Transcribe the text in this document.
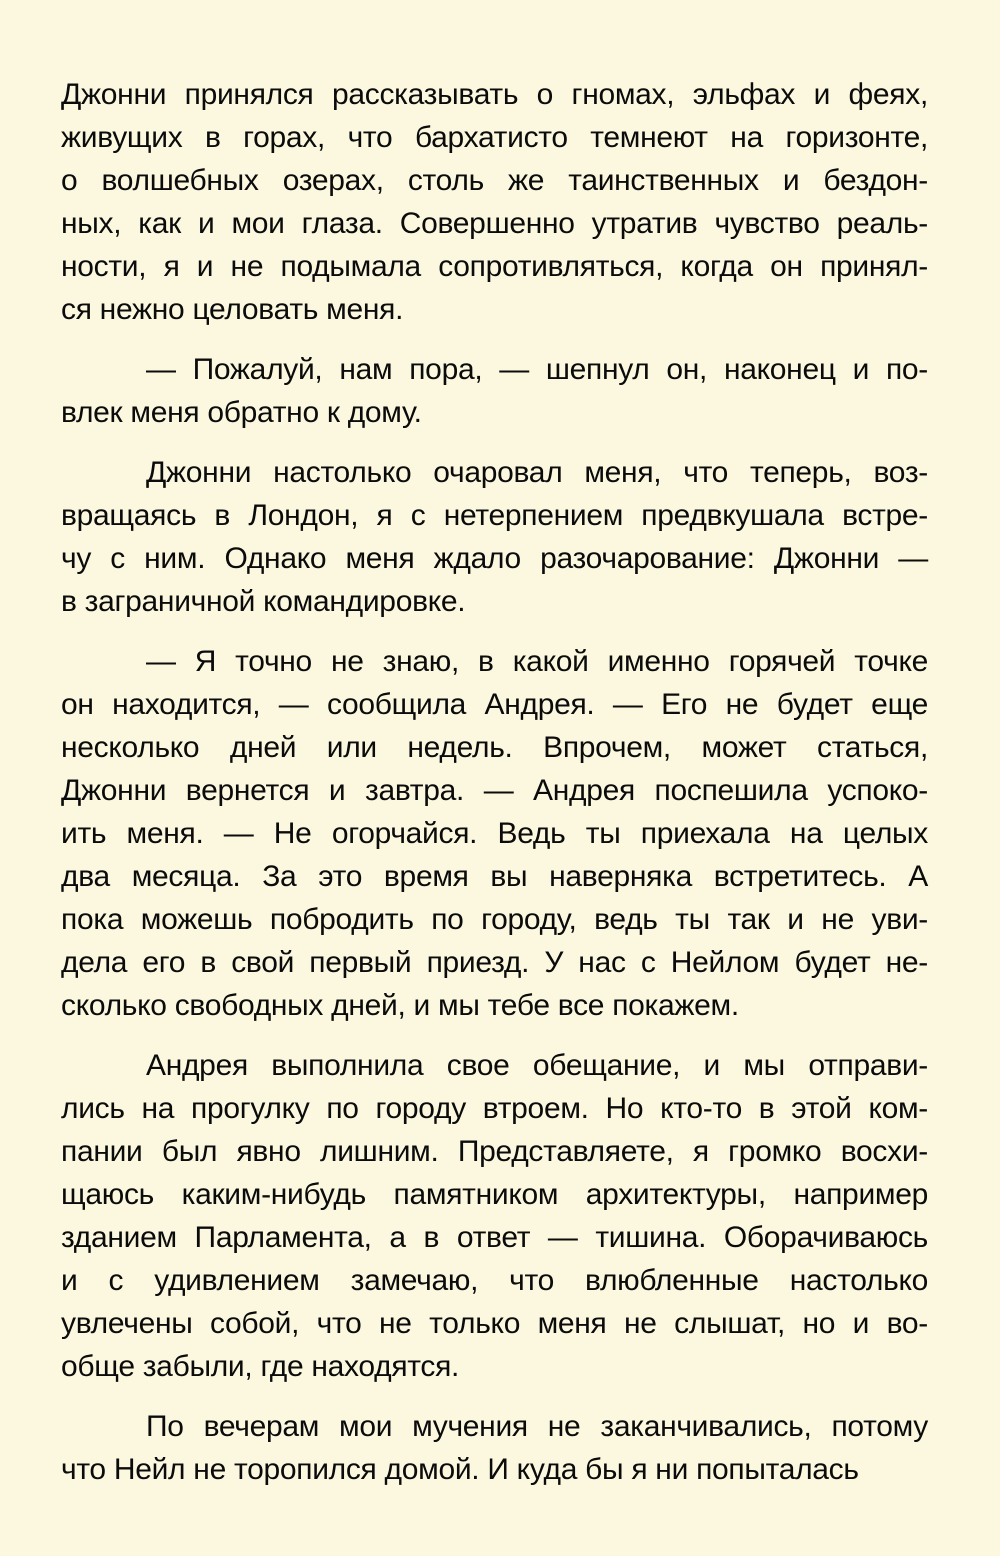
Джонни принялся рассказывать о гномах, эльфах и феях,
живущих в горах, что бархатисто темнеют на горизонте,
о волшебных озерах, столь же таинственных и бездон-
ных, как и мои глаза. Совершенно утратив чувство реаль-
ности, я и не подымала сопротивляться, когда он принял-
ся нежно целовать меня.
— Пожалуй, нам пора, — шепнул он, наконец и по-
влек меня обратно к дому.
Джонни настолько очаровал меня, что теперь, воз-
вращаясь в Лондон, я с нетерпением предвкушала встре-
чу с ним. Однако меня ждало разочарование: Джонни —
в заграничной командировке.
— Я точно не знаю, в какой именно горячей точке
он находится, — сообщила Андрея. — Его не будет еще
несколько дней или недель. Впрочем, может статься,
Джонни вернется и завтра. — Андрея поспешила успоко-
ить меня. — Не огорчайся. Ведь ты приехала на целых
два месяца. За это время вы наверняка встретитесь. А
пока можешь побродить по городу, ведь ты так и не уви-
дела его в свой первый приезд. У нас с Нейлом будет не-
сколько свободных дней, и мы тебе все покажем.
Андрея выполнила свое обещание, и мы отправи-
лись на прогулку по городу втроем. Но кто-то в этой ком-
пании был явно лишним. Представляете, я громко восхи-
щаюсь каким-нибудь памятником архитектуры, например
зданием Парламента, а в ответ — тишина. Оборачиваюсь
и с удивлением замечаю, что влюбленные настолько
увлечены собой, что не только меня не слышат, но и во-
обще забыли, где находятся.
По вечерам мои мучения не заканчивались, потому
что Нейл не торопился домой. И куда бы я ни попыталась
